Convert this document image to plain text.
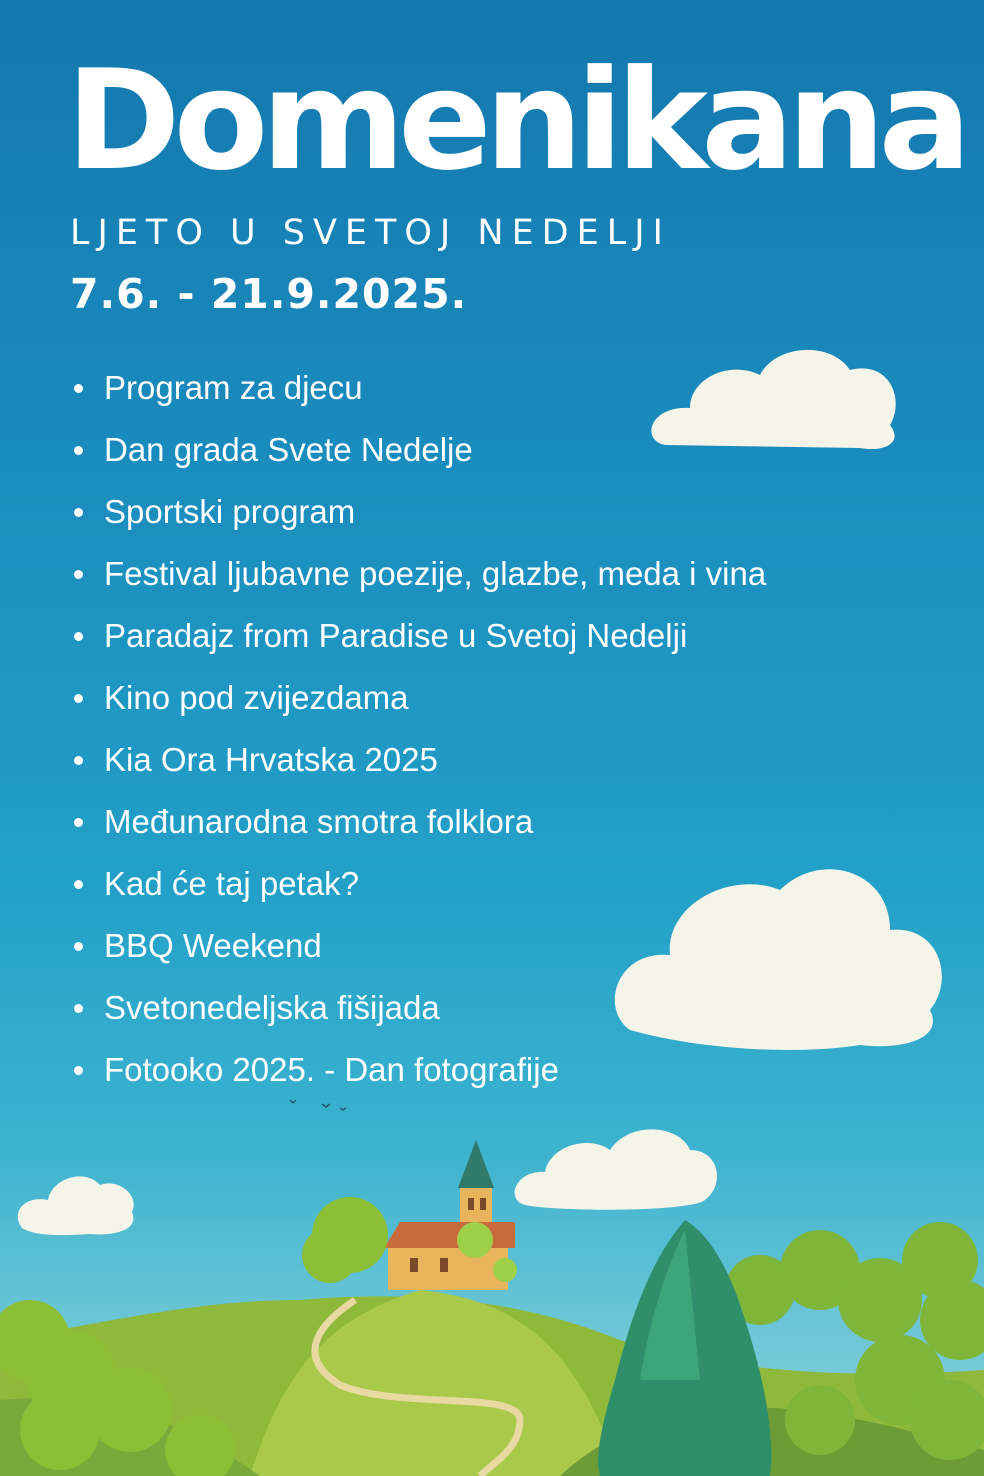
Domenikana
LJETO U SVETOJ NEDELJI
7.6. - 21.9.2025.
Program za djecu
Dan grada Svete Nedelje
Sportski program
Festival ljubavne poezije, glazbe, meda i vina
Paradajz from Paradise u Svetoj Nedelji
Kino pod zvijezdama
Kia Ora Hrvatska 2025
Međunarodna smotra folklora
Kad će taj petak?
BBQ Weekend
Svetonedeljska fišijada
Fotooko 2025. - Dan fotografije
